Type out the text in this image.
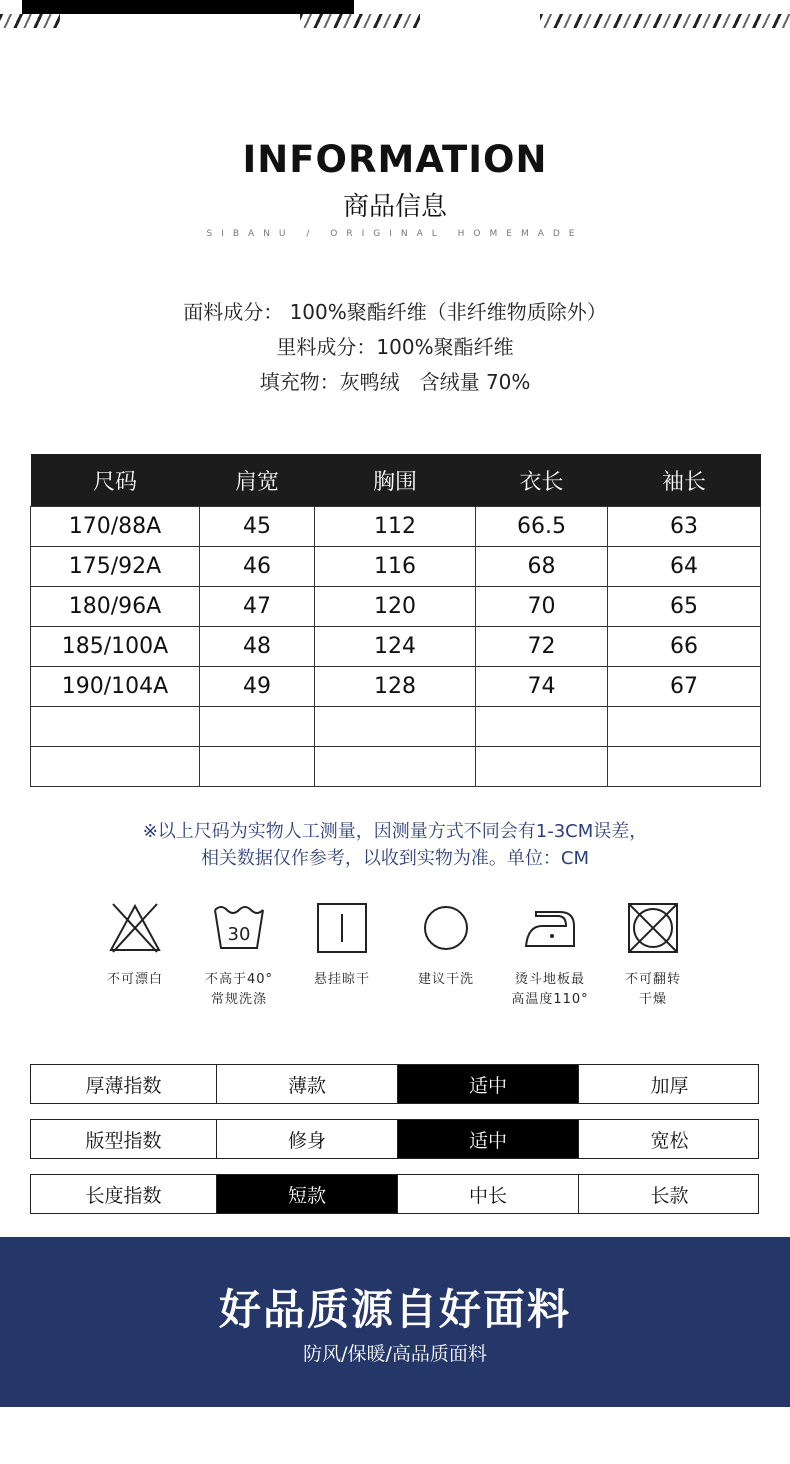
INFORMATION
商品信息
SIBANU / ORIGINAL HOMEMADE
面料成分： 100%聚酯纤维（非纤维物质除外）
里料成分：100%聚酯纤维
填充物：灰鸭绒　含绒量 70%
尺码	肩宽	胸围	衣长	袖长
170/88A	45	112	66.5	63
175/92A	46	116	68	64
180/96A	47	120	70	65
185/100A	48	124	72	66
190/104A	49	128	74	67

※以上尺码为实物人工测量，因测量方式不同会有1-3CM误差，
相关数据仅作参考，以收到实物为准。单位：CM
不可漂白
30
不高于40°
常规洗涤
悬挂晾干	建议干洗	烫斗地板最
高温度110°
不可翻转
干燥
厚薄指数	薄款	适中	加厚
版型指数	修身	适中	宽松
长度指数	短款	中长	长款
好品质源自好面料
防风/保暖/高品质面料
